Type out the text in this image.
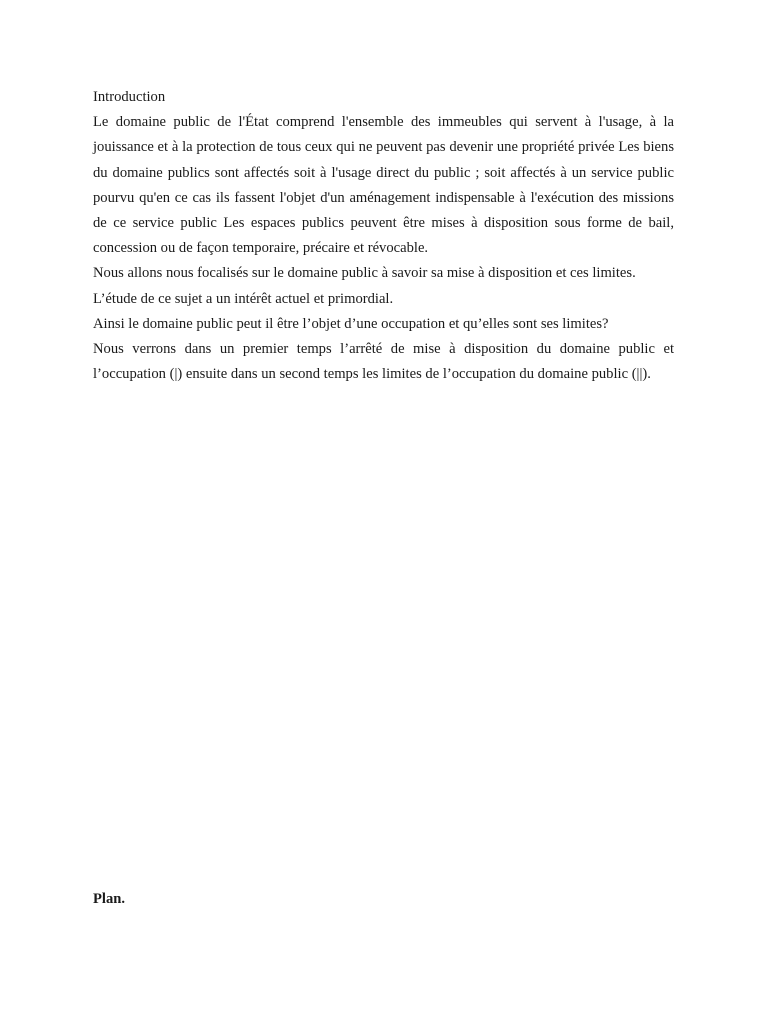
Introduction

Le domaine public de l'État comprend l'ensemble des immeubles qui servent à l'usage, à la jouissance et à la protection de tous ceux qui ne peuvent pas devenir une propriété privée Les biens du domaine publics sont affectés soit à l'usage direct du public ; soit affectés à un service public pourvu qu'en ce cas ils fassent l'objet d'un aménagement indispensable à l'exécution des missions de ce service public Les espaces publics peuvent être mises à disposition sous forme de bail, concession ou de façon temporaire, précaire et révocable.

Nous allons nous focalisés sur le domaine public à savoir sa mise à disposition et ces limites.

L’étude de ce sujet a un intérêt actuel et primordial.

Ainsi le domaine public peut il être l’objet d’une occupation et qu’elles sont ses limites?

Nous verrons dans un premier temps l’arrêté de mise à disposition du domaine public et l’occupation (|) ensuite dans un second temps les limites de l’occupation du domaine public (||).

Plan.
